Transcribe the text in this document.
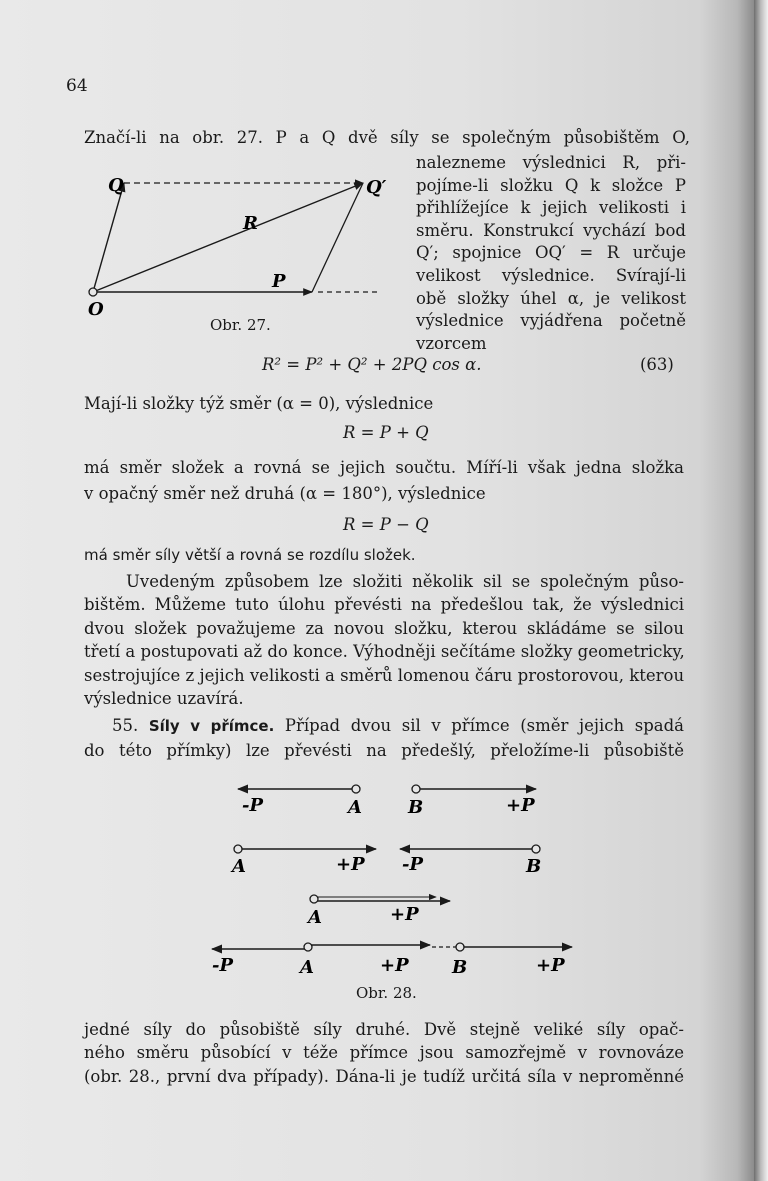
64
Značí-li na obr. 27. P a Q dvě síly se společným působištěm O,
nalezneme výslednici R, při-
pojíme-li složku Q k složce P
přihlížejíce k jejich velikosti i
směru. Konstrukcí vychází bod
Q′; spojnice OQ′ = R určuje
velikost výslednice. Svírají-li
obě složky úhel α, je velikost
výslednice vyjádřena početně
vzorcem
Q	Q′
R
P
O
Obr. 27.
R² = P² + Q² + 2PQ cos α.	(63)
Mají-li složky týž směr (α = 0), výslednice
R = P + Q
má směr složek a rovná se jejich součtu. Míří-li však jedna složka
v opačný směr než druhá (α = 180°), výslednice
R = P − Q
má směr síly větší a rovná se rozdílu složek.
Uvedeným způsobem lze složiti několik sil se společným půso-
bištěm. Můžeme tuto úlohu převésti na předešlou tak, že výslednici
dvou složek považujeme za novou složku, kterou skládáme se silou
třetí a postupovati až do konce. Výhodněji sečítáme složky geometricky,
sestrojujíce z jejich velikosti a směrů lomenou čáru prostorovou, kterou
výslednice uzavírá.
55. Síly v přímce. Případ dvou sil v přímce (směr jejich spadá
do této přímky) lze převésti na předešlý, přeložíme-li působiště
-P	A	B	+P
A	+P -P	B
A	+P
-P	A	+P B	+P
Obr. 28.
jedné síly do působiště síly druhé. Dvě stejně veliké síly opač-
ného směru působící v téže přímce jsou samozřejmě v rovnováze
(obr. 28., první dva případy). Dána-li je tudíž určitá síla v neproměnné
